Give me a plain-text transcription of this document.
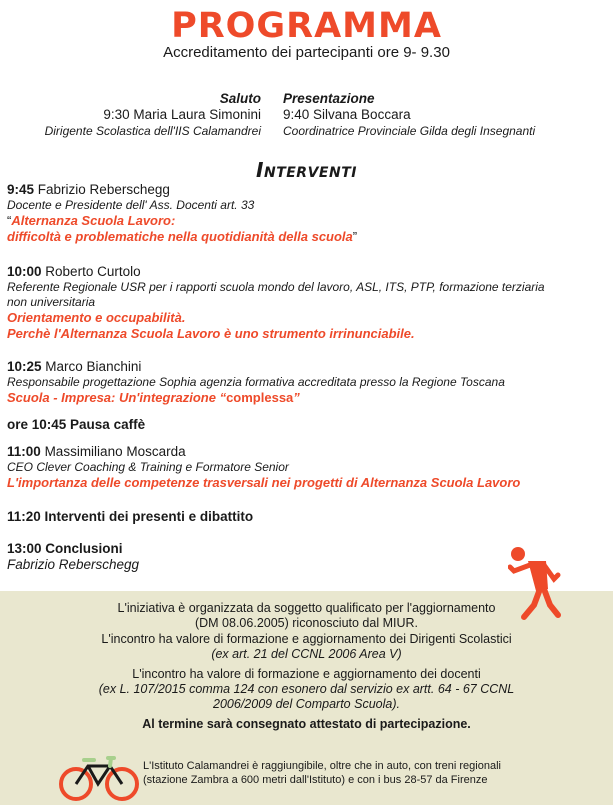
PROGRAMMA
Accreditamento dei partecipanti ore 9- 9.30
Saluto
9:30 Maria Laura Simonini
Dirigente Scolastica dell'IIS Calamandrei
Presentazione
9:40 Silvana Boccara
Coordinatrice Provinciale Gilda degli Insegnanti
Interventi
9:45 Fabrizio Reberschegg
Docente e Presidente dell' Ass. Docenti art. 33
“Alternanza Scuola Lavoro:
difficoltà e problematiche nella quotidianità della scuola”
10:00 Roberto Curtolo
Referente Regionale USR per i rapporti scuola mondo del lavoro, ASL, ITS, PTP, formazione terziaria non universitaria
Orientamento e occupabilità.
Perchè l'Alternanza Scuola Lavoro è uno strumento irrinunciabile.
10:25 Marco Bianchini
Responsabile progettazione Sophia agenzia formativa accreditata presso la Regione Toscana
Scuola - Impresa: Un'integrazione “complessa”
ore 10:45 Pausa caffè
11:00 Massimiliano Moscarda
CEO Clever Coaching & Training e Formatore Senior
L'importanza delle competenze trasversali nei progetti di Alternanza Scuola Lavoro
11:20 Interventi dei presenti e dibattito
13:00 Conclusioni
Fabrizio Reberschegg
L'iniziativa è organizzata da soggetto qualificato per l'aggiornamento
(DM 08.06.2005) riconosciuto dal MIUR.
L'incontro ha valore di formazione e aggiornamento dei Dirigenti Scolastici
(ex art. 21 del CCNL 2006 Area V)
L'incontro ha valore di formazione e aggiornamento dei docenti
(ex L. 107/2015 comma 124 con esonero dal servizio ex artt. 64 - 67 CCNL
2006/2009 del Comparto Scuola).
Al termine sarà consegnato attestato di partecipazione.
L'Istituto Calamandrei è raggiungibile, oltre che in auto, con treni regionali
(stazione Zambra a 600 metri dall'Istituto) e con i bus 28-57 da Firenze
